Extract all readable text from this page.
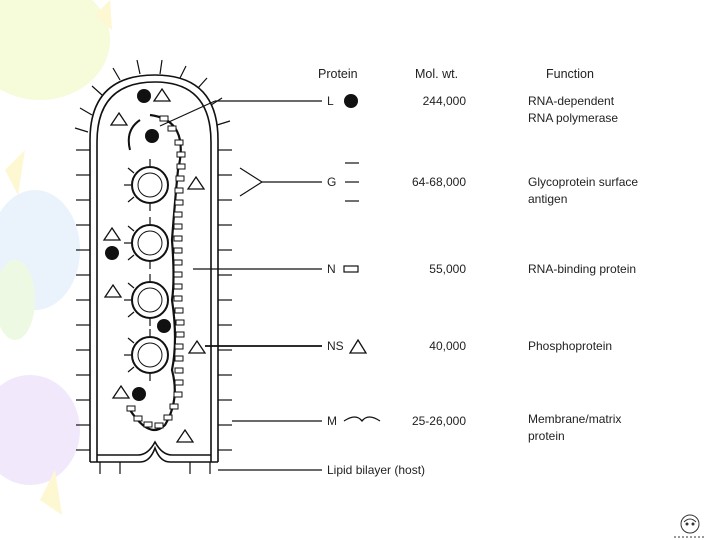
Protein	Mol. wt.	Function
L	244,000	RNA-dependent
RNA polymerase
G	64-68,000	Glycoprotein surface
antigen
N	55,000	RNA-binding protein
NS	40,000	Phosphoprotein
M	25-26,000	Membrane/matrix
protein
Lipid bilayer (host)
